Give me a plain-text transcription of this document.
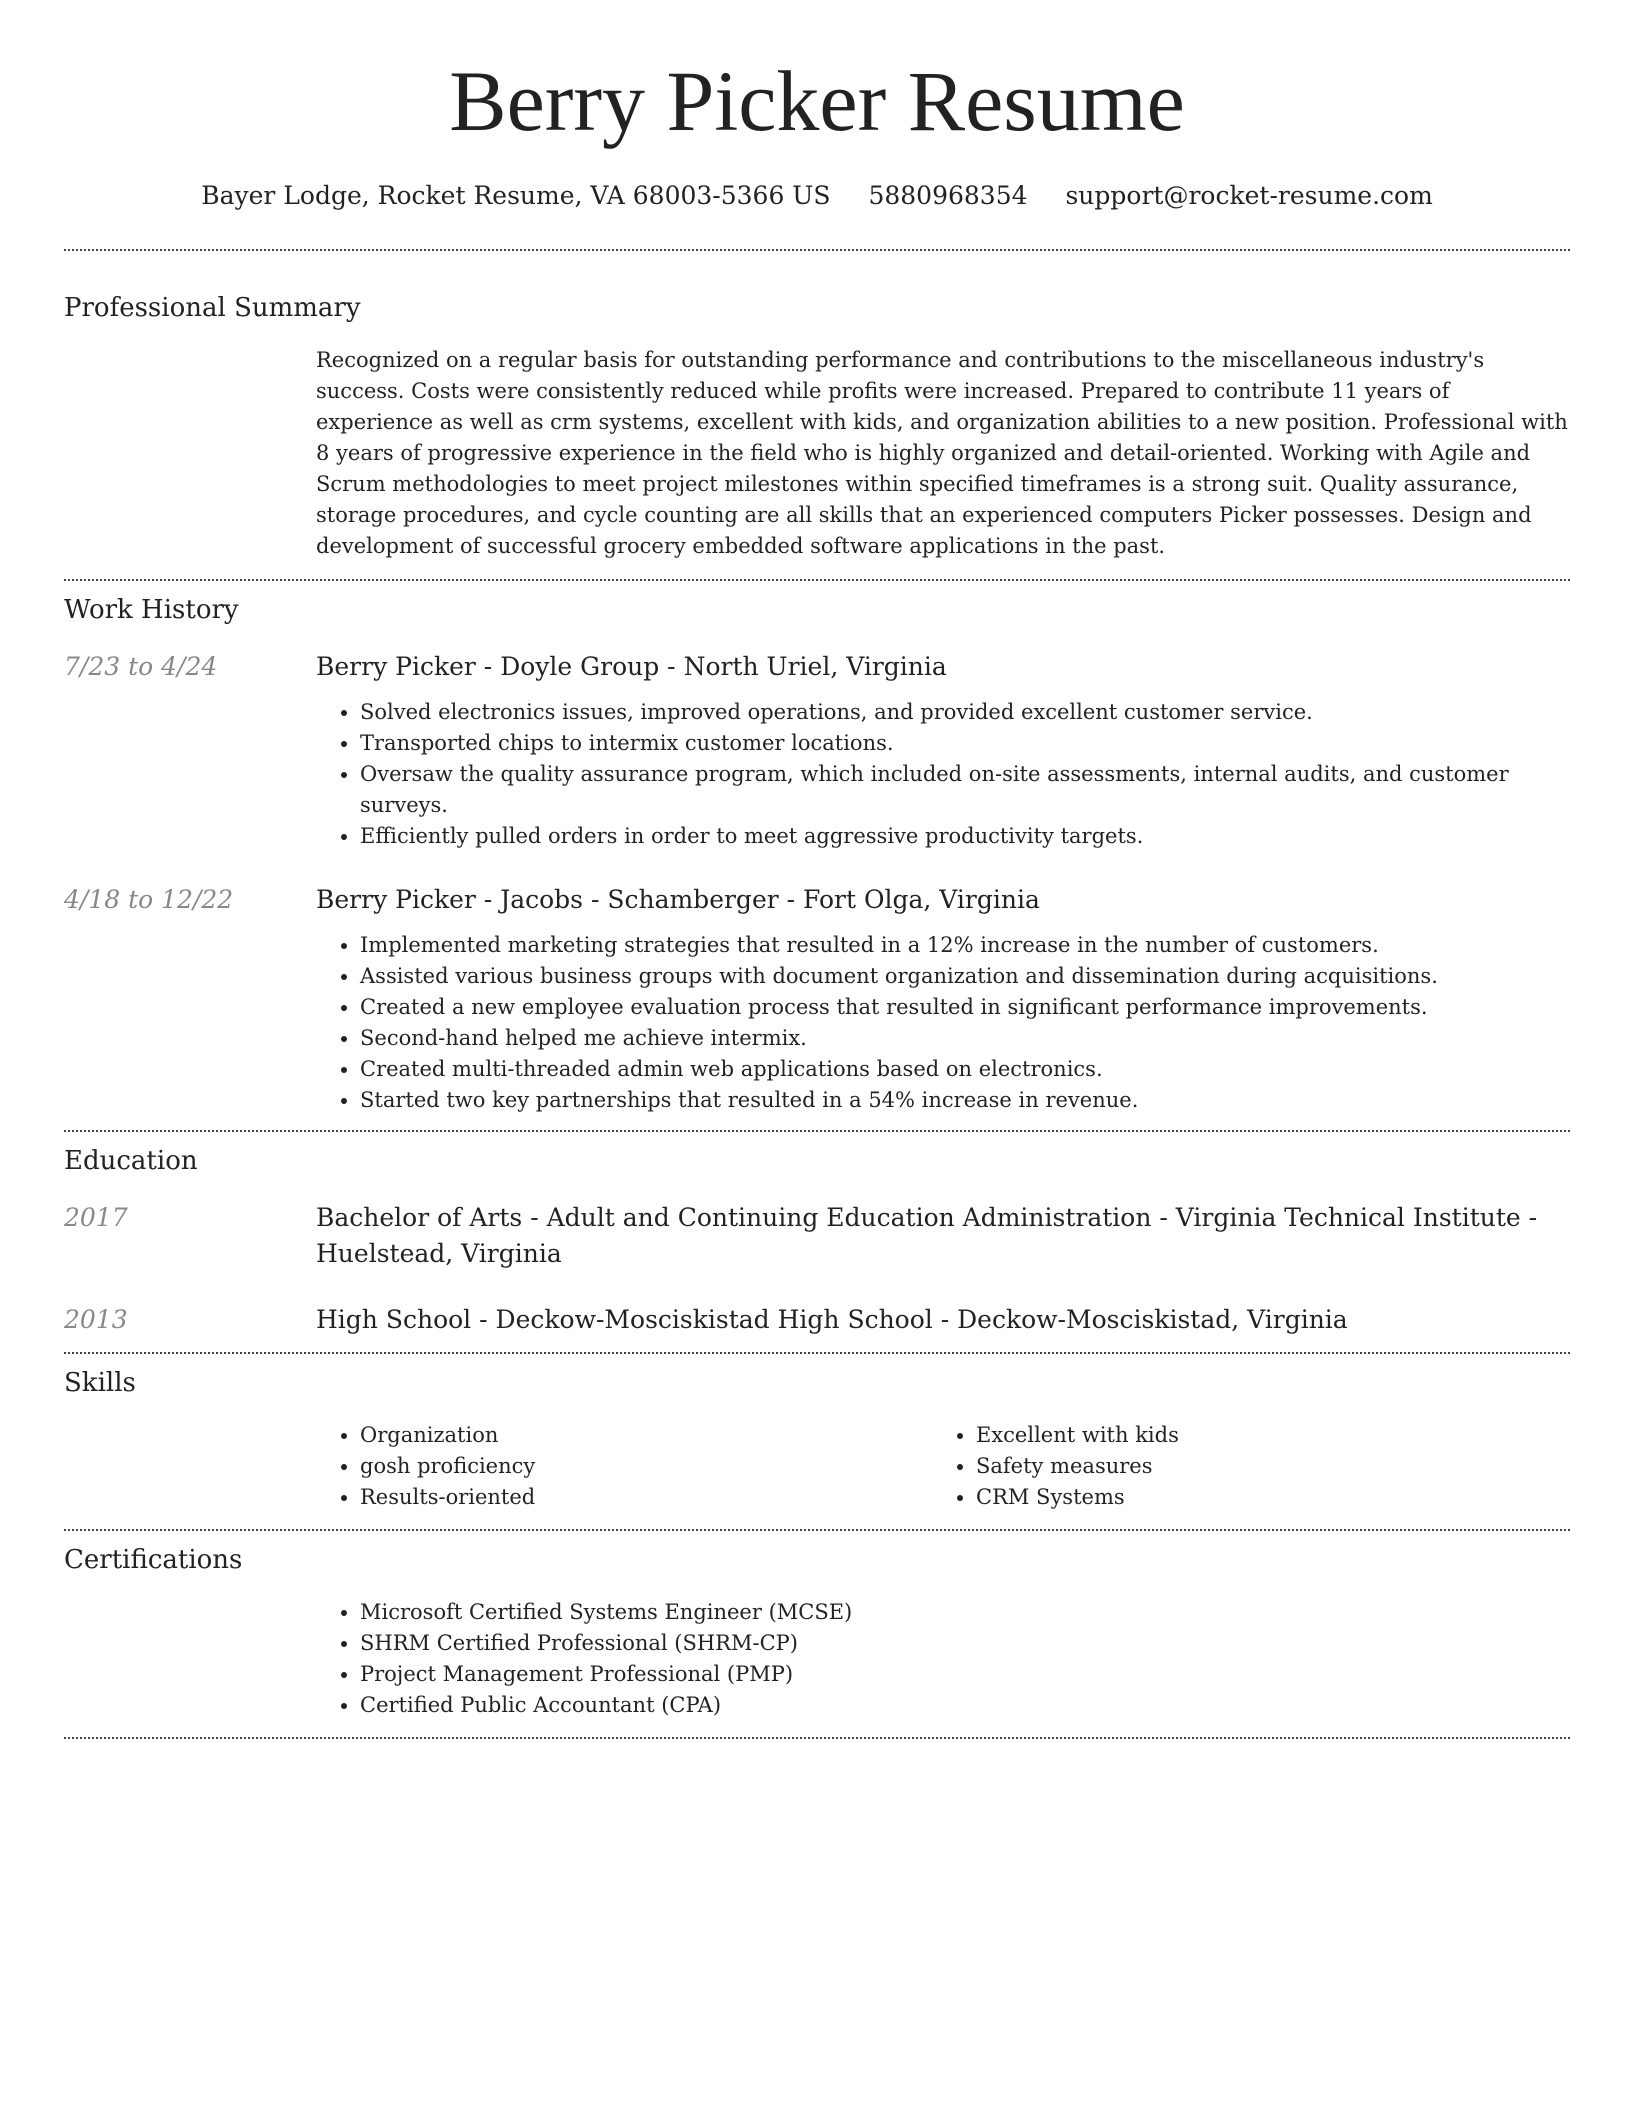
Berry Picker Resume
Bayer Lodge, Rocket Resume, VA 68003-5366 US 5880968354 support@rocket-resume.com
Professional Summary
Recognized on a regular basis for outstanding performance and contributions to the miscellaneous industry's success. Costs were consistently reduced while profits were increased. Prepared to contribute 11 years of experience as well as crm systems, excellent with kids, and organization abilities to a new position. Professional with 8 years of progressive experience in the field who is highly organized and detail-oriented. Working with Agile and Scrum methodologies to meet project milestones within specified timeframes is a strong suit. Quality assurance, storage procedures, and cycle counting are all skills that an experienced computers Picker possesses. Design and development of successful grocery embedded software applications in the past.
Work History
7/23 to 4/24	Berry Picker - Doyle Group - North Uriel, Virginia
• Solved electronics issues, improved operations, and provided excellent customer service.
• Transported chips to intermix customer locations.
• Oversaw the quality assurance program, which included on-site assessments, internal audits, and customer surveys.
• Efficiently pulled orders in order to meet aggressive productivity targets.
4/18 to 12/22	Berry Picker - Jacobs - Schamberger - Fort Olga, Virginia
• Implemented marketing strategies that resulted in a 12% increase in the number of customers.
• Assisted various business groups with document organization and dissemination during acquisitions.
• Created a new employee evaluation process that resulted in significant performance improvements.
• Second-hand helped me achieve intermix.
• Created multi-threaded admin web applications based on electronics.
• Started two key partnerships that resulted in a 54% increase in revenue.
Education
2017	Bachelor of Arts - Adult and Continuing Education Administration - Virginia Technical Institute - Huelstead, Virginia
2013	High School - Deckow-Mosciskistad High School - Deckow-Mosciskistad, Virginia
Skills
• Organization
• gosh proficiency
• Results-oriented
• Excellent with kids
• Safety measures
• CRM Systems
Certifications
• Microsoft Certified Systems Engineer (MCSE)
• SHRM Certified Professional (SHRM-CP)
• Project Management Professional (PMP)
• Certified Public Accountant (CPA)
